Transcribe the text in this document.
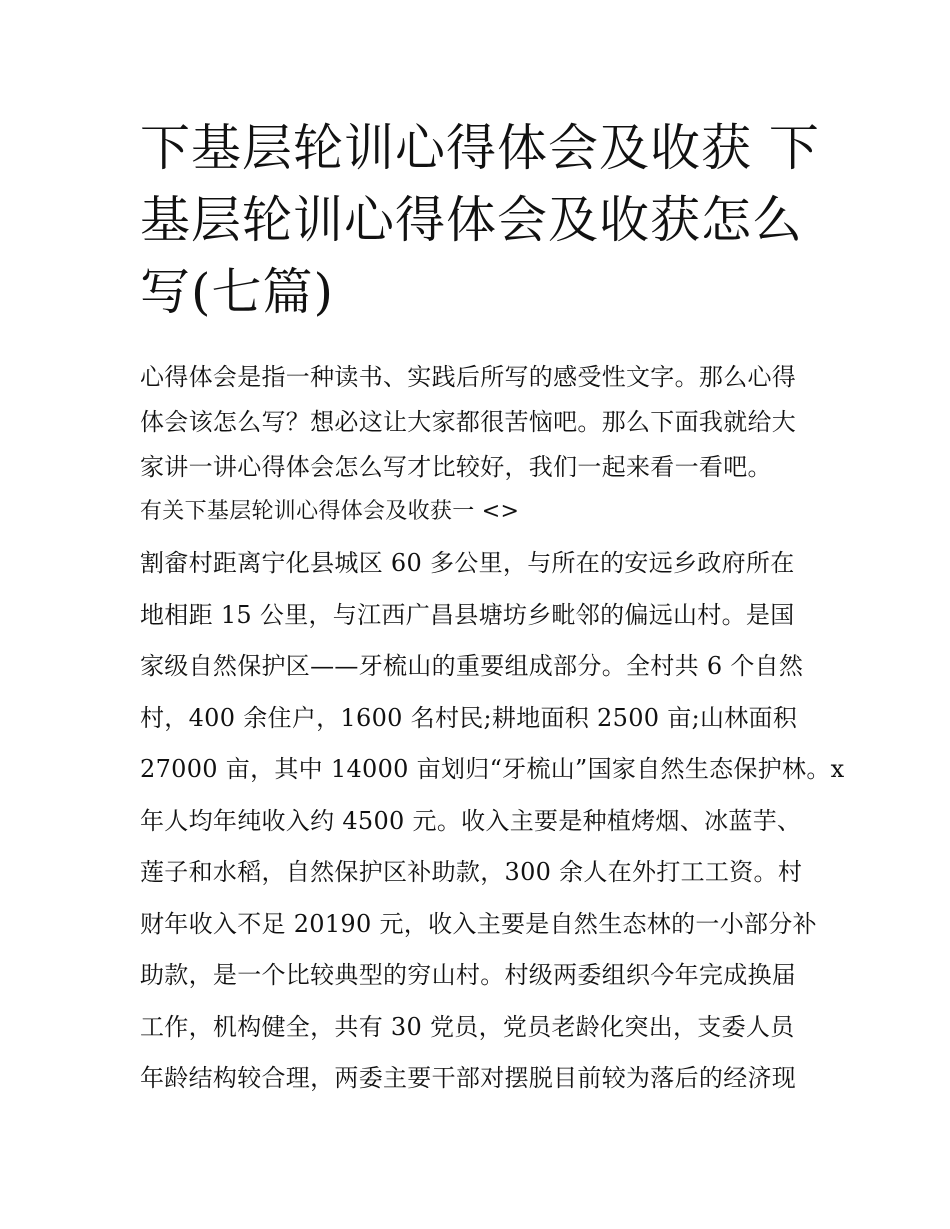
下基层轮训心得体会及收获 下
基层轮训心得体会及收获怎么
写(七篇)
心得体会是指一种读书、实践后所写的感受性文字。那么心得
体会该怎么写？想必这让大家都很苦恼吧。那么下面我就给大
家讲一讲心得体会怎么写才比较好，我们一起来看一看吧。
有关下基层轮训心得体会及收获一 <>
割畲村距离宁化县城区 60 多公里，与所在的安远乡政府所在
地相距 15 公里，与江西广昌县塘坊乡毗邻的偏远山村。是国
家级自然保护区——牙梳山的重要组成部分。全村共 6 个自然
村，400 余住户，1600 名村民;耕地面积 2500 亩;山林面积
27000 亩，其中 14000 亩划归“牙梳山”国家自然生态保护林。x
年人均年纯收入约 4500 元。收入主要是种植烤烟、冰蓝芋、
莲子和水稻，自然保护区补助款，300 余人在外打工工资。村
财年收入不足 20190 元，收入主要是自然生态林的一小部分补
助款，是一个比较典型的穷山村。村级两委组织今年完成换届
工作，机构健全，共有 30 党员，党员老龄化突出，支委人员
年龄结构较合理，两委主要干部对摆脱目前较为落后的经济现
